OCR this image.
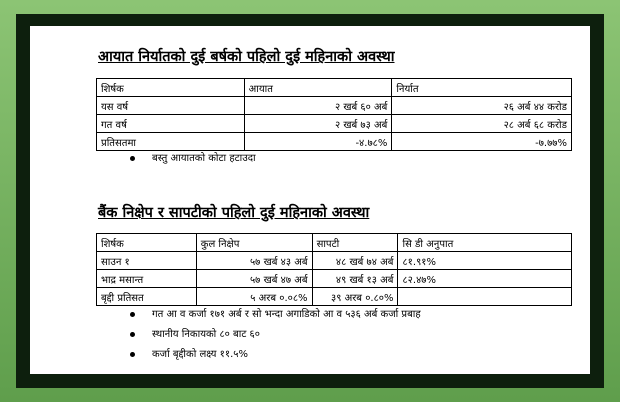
आयात निर्यातको दुई बर्षको पहिलो दुई महिनाको अवस्था
शिर्षक	आयात	निर्यात
यस वर्ष	२ खर्ब ६० अर्ब	२६ अर्ब ४४ करोड
गत वर्ष	२ खर्ब ७३ अर्ब	२८ अर्ब ६८ करोड
प्रतिसतमा	-४.७८%	-७.७७%
बस्तु आयातको कोटा हटाउदा
बैंक निक्षेप र सापटीको पहिलो दुई महिनाको अवस्था
शिर्षक	कुल निक्षेप	सापटी	सि डी अनुपात
साउन १	५७ खर्ब ४३ अर्ब	४८ खर्ब ७४ अर्ब	८१.९१%
भाद्र मसान्त	५७ खर्ब ४७ अर्ब	४९ खर्ब १३ अर्ब	८२.४७%
बृद्दी प्रतिसत	५ अरब ०.०८%	३९ अरब ०.८०%	
गत आ व कर्जा १७१ अर्ब र सो भन्दा अगाडिको आ व ५३६ अर्ब कर्जा प्रबाह
स्थानीय निकायको ८० बाट ६०
कर्जा बृद्दीको लक्ष्य ११.५%
